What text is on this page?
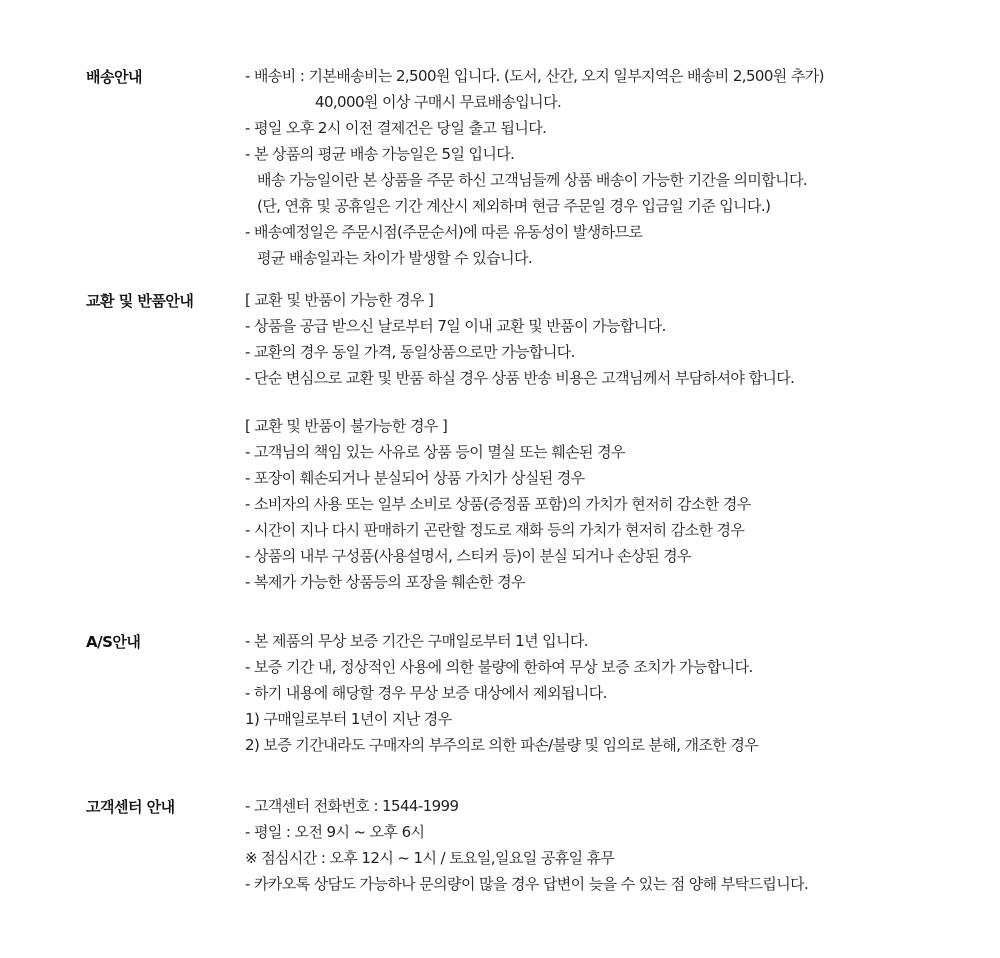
배송안내	- 배송비 : 기본배송비는 2,500원 입니다. (도서, 산간, 오지 일부지역은 배송비 2,500원 추가)
40,000원 이상 구매시 무료배송입니다.
- 평일 오후 2시 이전 결제건은 당일 출고 됩니다.
- 본 상품의 평균 배송 가능일은 5일 입니다.
배송 가능일이란 본 상품을 주문 하신 고객님들께 상품 배송이 가능한 기간을 의미합니다.
(단, 연휴 및 공휴일은 기간 계산시 제외하며 현금 주문일 경우 입금일 기준 입니다.)
- 배송예정일은 주문시점(주문순서)에 따른 유동성이 발생하므로
평균 배송일과는 차이가 발생할 수 있습니다.
교환 및 반품안내	[ 교환 및 반품이 가능한 경우 ]
- 상품을 공급 받으신 날로부터 7일 이내 교환 및 반품이 가능합니다.
- 교환의 경우 동일 가격, 동일상품으로만 가능합니다.
- 단순 변심으로 교환 및 반품 하실 경우 상품 반송 비용은 고객님께서 부담하셔야 합니다.
[ 교환 및 반품이 불가능한 경우 ]
- 고객님의 책임 있는 사유로 상품 등이 멸실 또는 훼손된 경우
- 포장이 훼손되거나 분실되어 상품 가치가 상실된 경우
- 소비자의 사용 또는 일부 소비로 상품(증정품 포함)의 가치가 현저히 감소한 경우
- 시간이 지나 다시 판매하기 곤란할 정도로 재화 등의 가치가 현저히 감소한 경우
- 상품의 내부 구성품(사용설명서, 스티커 등)이 분실 되거나 손상된 경우
- 복제가 가능한 상품등의 포장을 훼손한 경우
A/S안내	- 본 제품의 무상 보증 기간은 구매일로부터 1년 입니다.
- 보증 기간 내, 정상적인 사용에 의한 불량에 한하여 무상 보증 조치가 가능합니다.
- 하기 내용에 해당할 경우 무상 보증 대상에서 제외됩니다.
1) 구매일로부터 1년이 지난 경우
2) 보증 기간내라도 구매자의 부주의로 의한 파손/불량 및 임의로 분해, 개조한 경우
고객센터 안내	- 고객센터 전화번호 : 1544-1999
- 평일 : 오전 9시 ~ 오후 6시
※ 점심시간 : 오후 12시 ~ 1시 / 토요일,일요일 공휴일 휴무
- 카카오톡 상담도 가능하나 문의량이 많을 경우 답변이 늦을 수 있는 점 양해 부탁드립니다.
